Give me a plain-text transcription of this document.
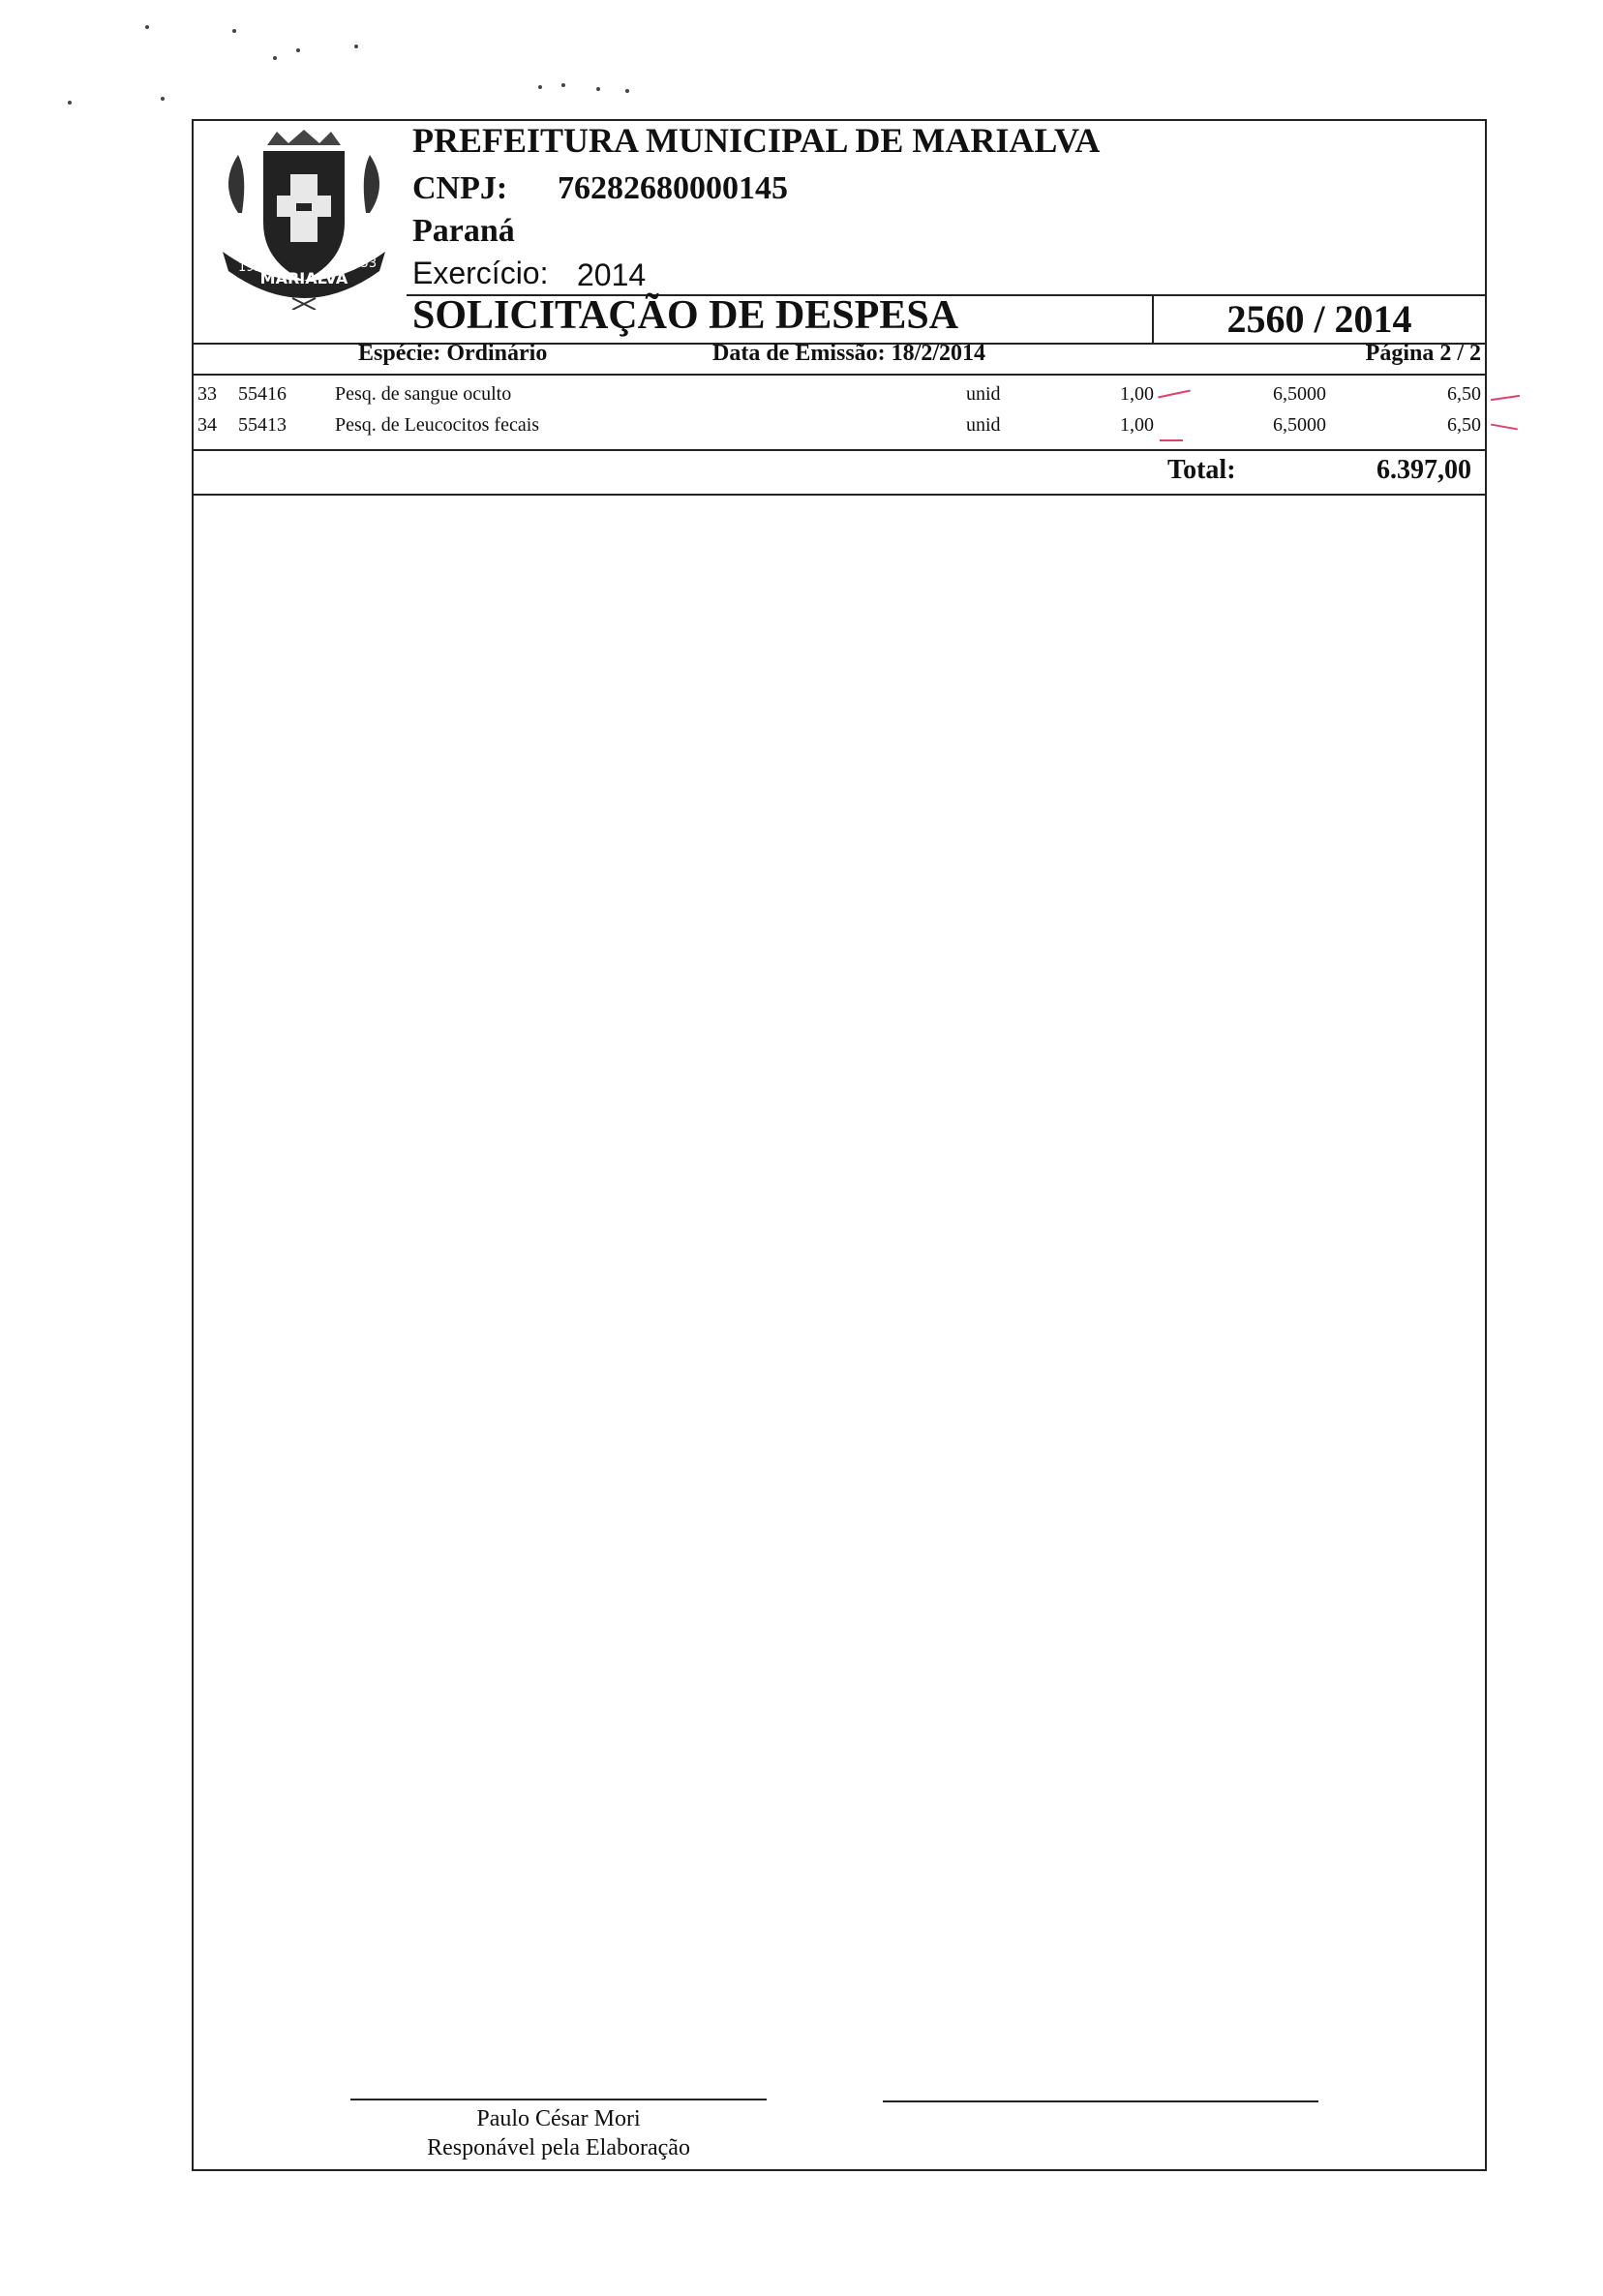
MARIALVA
1951	1953
PREFEITURA MUNICIPAL DE MARIALVA
CNPJ: 76282680000145
Paraná
Exercício: 2014
SOLICITAÇÃO DE DESPESA	2560 / 2014
Espécie: Ordinário	Data de Emissão: 18/2/2014	Página 2 / 2
33 55416	Pesq. de sangue oculto	unid	1,00	6,5000	6,50
34 55413	Pesq. de Leucocitos fecais	unid	1,00	6,5000	6,50
Total:	6.397,00
Paulo César Mori
Responável pela Elaboração
